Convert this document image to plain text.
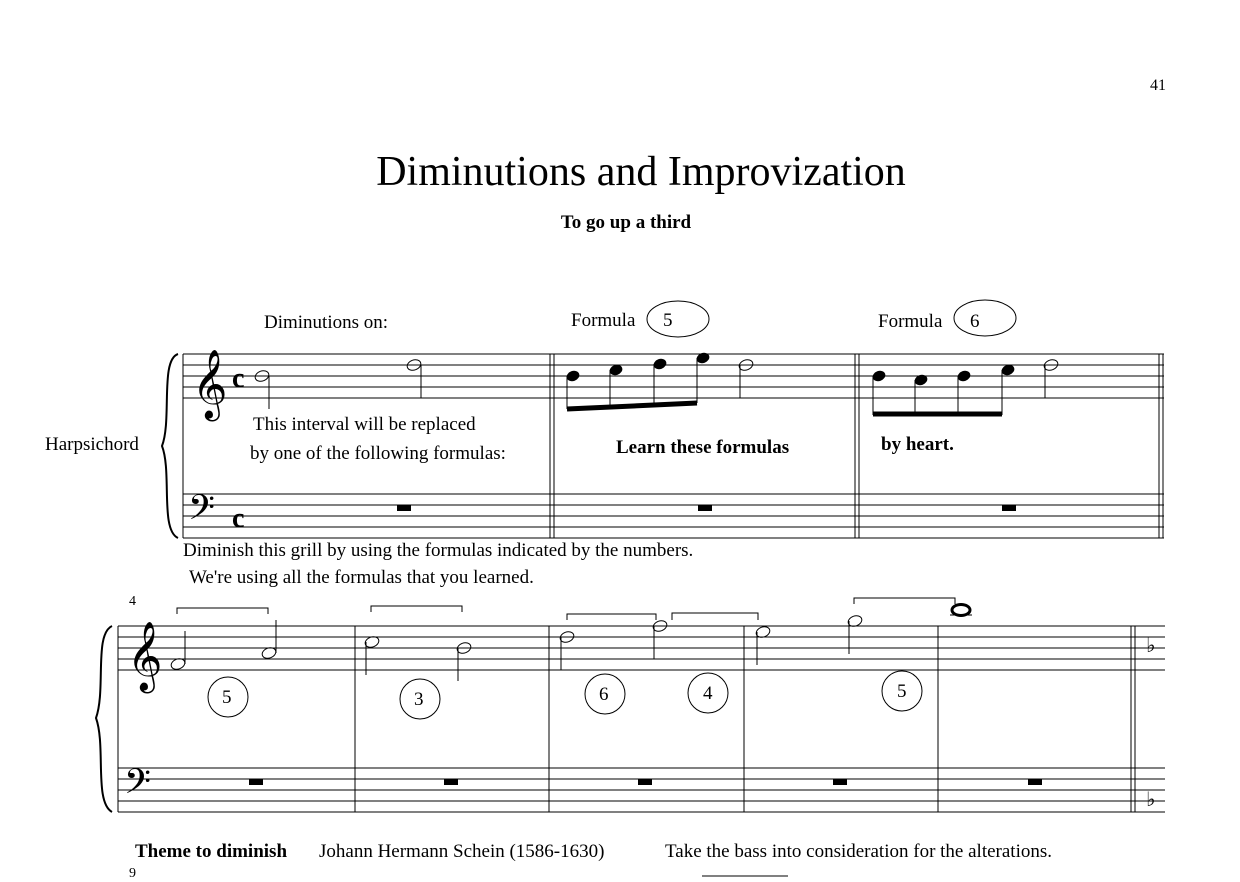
41
Diminutions and Improvization
To go up a third
Diminutions on:	Formula 5	Formula 6
Harpsichord
This interval will be replaced
by one of the following formulas:	Learn these formulas	by heart.
Diminish this grill by using the formulas indicated by the numbers.
We're using all the formulas that you learned.
4
5	3	6	4	5
Theme to diminish Johann Hermann Schein (1586-1630)	Take the bass into consideration for the alterations.
9
𝄞
𝄢
𝄞
𝄢
c
c
♭
♭
